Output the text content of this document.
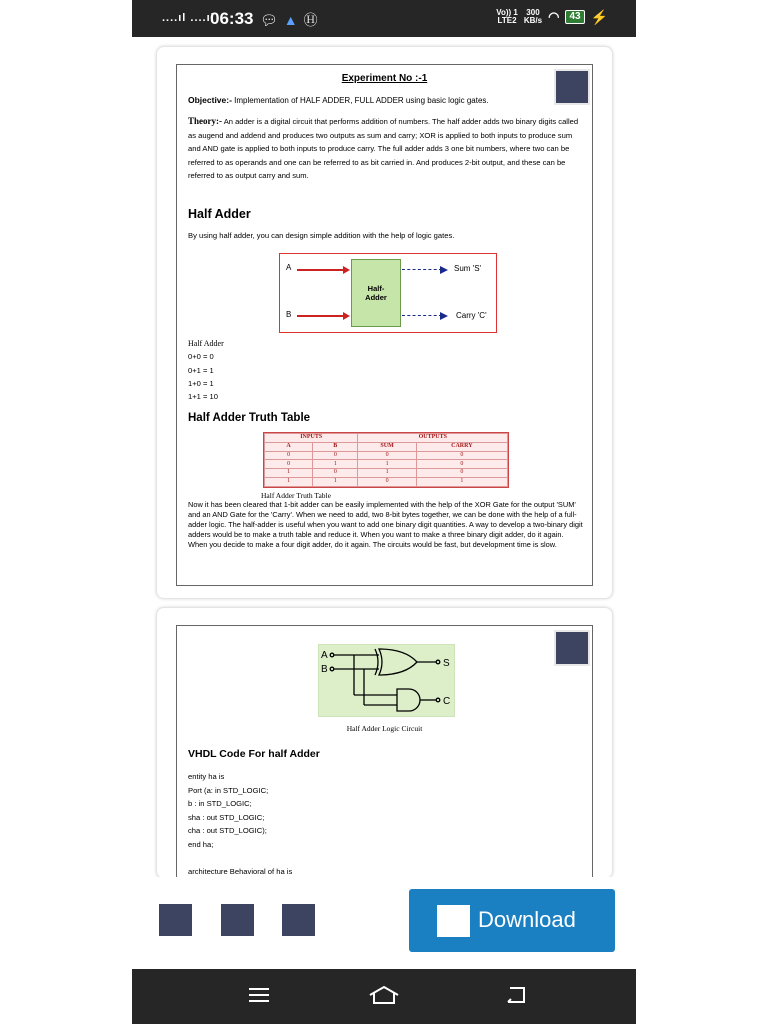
....ıl ....ıl
06:33 💬︎ ▲ Ⓗ	Vo)) 1
LTE2
300
KB/s ◠	43 ⚡
Experiment No :-1
Objective:- Implementation of HALF ADDER, FULL ADDER using basic logic gates.
Theory:- An adder is a digital circuit that performs addition of numbers. The half adder adds two binary digits called as augend and addend and produces two outputs as sum and carry; XOR is applied to both inputs to produce sum and AND gate is applied to both inputs to produce carry. The full adder adds 3 one bit numbers, where two can be referred to as operands and one can be referred to as bit carried in. And produces 2-bit output, and these can be referred to as output carry and sum.
Half Adder
By using half adder, you can design simple addition with the help of logic gates.
A
B
Half-
Adder
Sum 'S'
Carry 'C'
Half Adder
0+0 = 0
0+1 = 1
1+0 = 1
1+1 = 10
Half Adder Truth Table
INPUTS		OUTPUTS	
A	B	SUM	CARRY
0	0	0	0
0	1	1	0
1	0	1	0
1	1	0	1
Half Adder Truth Table
Now it has been cleared that 1-bit adder can be easily implemented with the help of the XOR Gate for the output 'SUM' and an AND Gate for the 'Carry'. When we need to add, two 8-bit bytes together, we can be done with the help of a full-adder logic. The half-adder is useful when you want to add one binary digit quantities. A way to develop a two-binary digit adders would be to make a truth table and reduce it. When you want to make a three binary digit adder, do it again. When you decide to make a four digit adder, do it again. The circuits would be fast, but development time is slow.
A
B
S
C
Half Adder Logic Circuit
VHDL Code For half Adder
entity ha is
Port (a: in STD_LOGIC;
b : in STD_LOGIC;
sha : out STD_LOGIC;
cha : out STD_LOGIC);
end ha;
architecture Behavioral of ha is
Download
